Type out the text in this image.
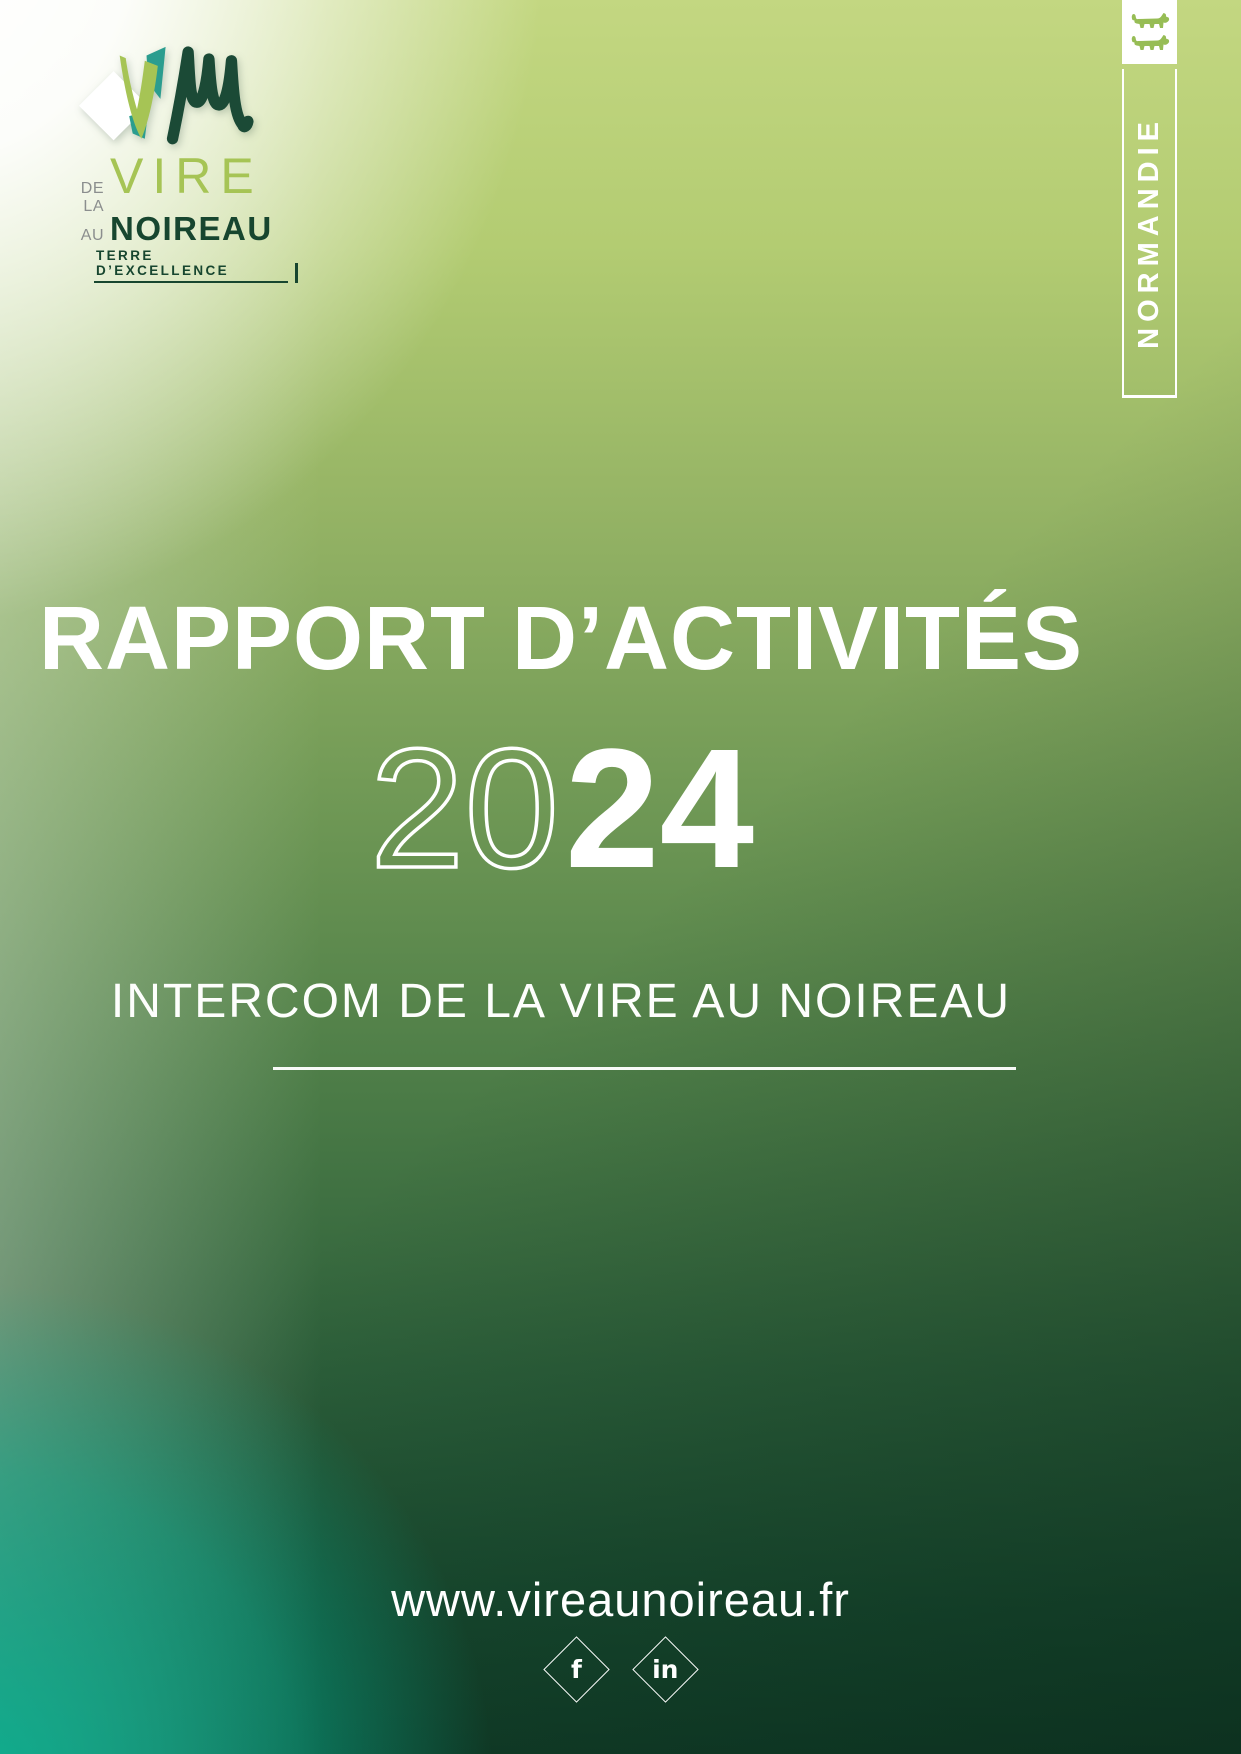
DE LA
VIRE
AU NOIREAU
TERRE D’EXCELLENCE	NORMANDIE
RAPPORT D’ACTIVITÉS
20 24
INTERCOM DE LA VIRE AU NOIREAU
www.vireaunoireau.fr
f	in
